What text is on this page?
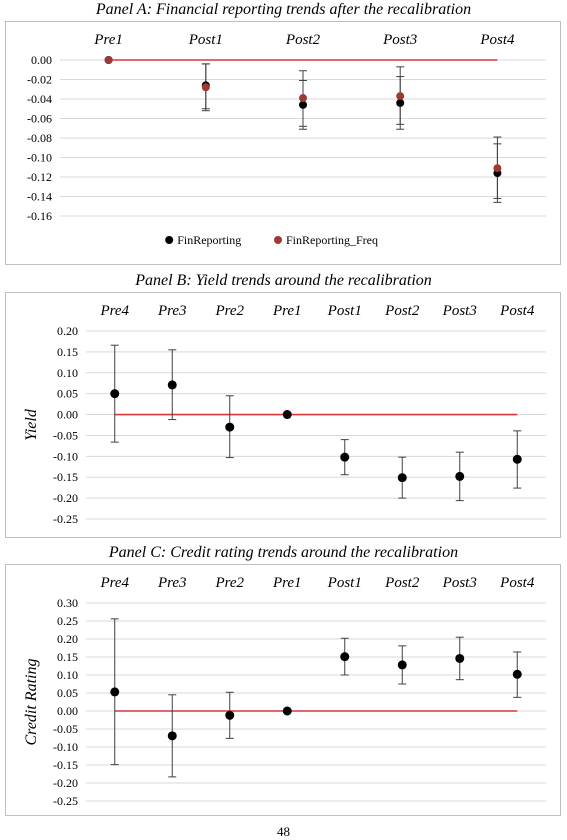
Panel A: Financial reporting trends after the recalibration
0.00
-0.02
-0.04
-0.06
-0.08
-0.10
-0.12
-0.14
-0.16
Pre1	Post1	Post2	Post3	Post4
FinReporting	FinReporting_Freq
Panel B: Yield trends around the recalibration
0.20
0.15
0.10
0.05
0.00
-0.05
-0.10
-0.15
-0.20
-0.25
Pre4 Pre3 Pre2 Pre1 Post1 Post2 Post3 Post4
Yield
Panel C: Credit rating trends around the recalibration
0.30
0.25
0.20
0.15
0.10
0.05
0.00
-0.05
-0.10
-0.15
-0.20
-0.25
Pre4 Pre3 Pre2 Pre1 Post1 Post2 Post3 Post4
Credit Rating
48
